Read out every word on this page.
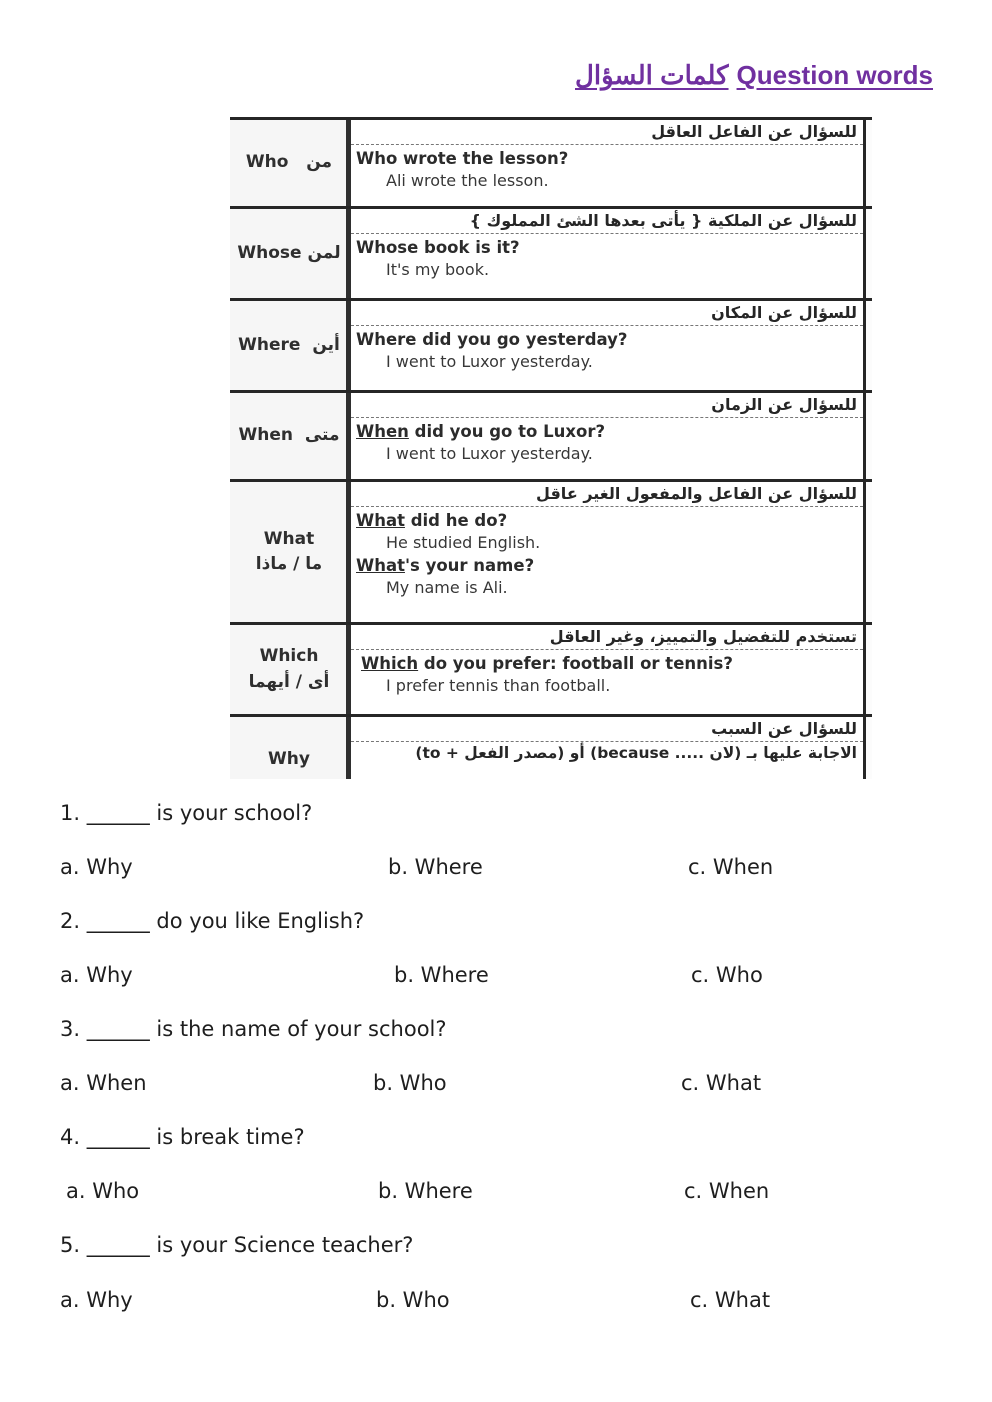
كلمات السؤال Question words
Who من
للسؤال عن الفاعل العاقل
Who wrote the lesson?
Ali wrote the lesson.
Whose لمن
للسؤال عن الملكية { يأتى بعدها الشئ المملوك }
Whose book is it?
It's my book.
Where أين
للسؤال عن المكان
Where did you go yesterday?
I went to Luxor yesterday.
When متى
للسؤال عن الزمان
When did you go to Luxor?
I went to Luxor yesterday.
What
ما / ماذا
للسؤال عن الفاعل والمفعول الغير عاقل
What did he do?
He studied English.
What's your name?
My name is Ali.
Which
أى / أيهما
تستخدم للتفضيل والتمييز، وغير العاقل
Which do you prefer: football or tennis?
I prefer tennis than football.
Why
للسؤال عن السبب
الاجابة عليها بـ (لان ..... because) أو (مصدر الفعل + to)
1. ______ is your school?
a. Why	b. Where	c. When
2. ______ do you like English?
a. Why	b. Where	c. Who
3. ______ is the name of your school?
a. When	b. Who	c. What
4. ______ is break time?
a. Who	b. Where	c. When
5. ______ is your Science teacher?
a. Why	b. Who	c. What
